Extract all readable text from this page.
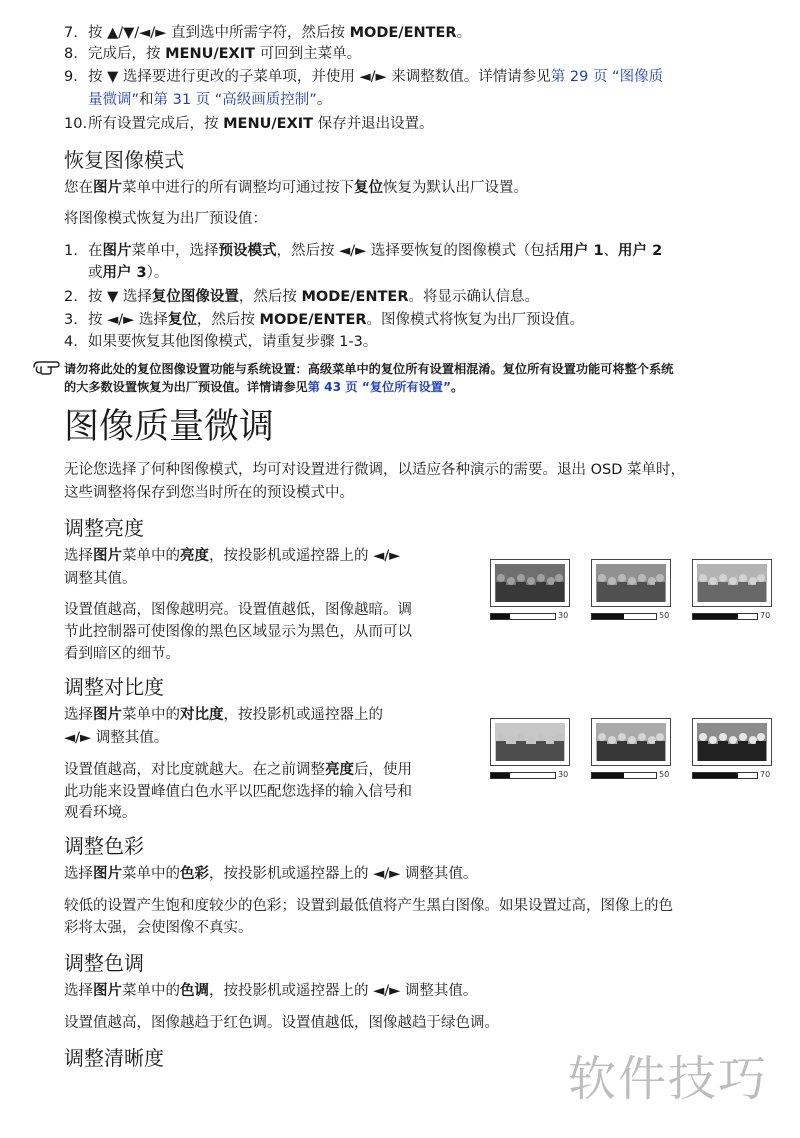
7. 按 ▲/▼/◄/► 直到选中所需字符，然后按 MODE/ENTER。
8. 完成后，按 MENU/EXIT 可回到主菜单。
9. 按 ▼ 选择要进行更改的子菜单项，并使用 ◄/► 来调整数值。详情请参见第 29 页 “图像质
量微调”和第 31 页 “高级画质控制”。
10. 所有设置完成后，按 MENU/EXIT 保存并退出设置。
恢复图像模式
您在图片菜单中进行的所有调整均可通过按下复位恢复为默认出厂设置。
将图像模式恢复为出厂预设值：
1. 在图片菜单中，选择预设模式，然后按 ◄/► 选择要恢复的图像模式（包括用户 1、用户 2
或用户 3）。
2. 按 ▼ 选择复位图像设置，然后按 MODE/ENTER。将显示确认信息。
3. 按 ◄/► 选择复位，然后按 MODE/ENTER。图像模式将恢复为出厂预设值。
4. 如果要恢复其他图像模式，请重复步骤 1-3。
请勿将此处的复位图像设置功能与系统设置：高级菜单中的复位所有设置相混淆。复位所有设置功能可将整个系统
的大多数设置恢复为出厂预设值。详情请参见第 43 页 “复位所有设置”。
图像质量微调
无论您选择了何种图像模式，均可对设置进行微调，以适应各种演示的需要。退出 OSD 菜单时，
这些调整将保存到您当时所在的预设模式中。
调整亮度
选择图片菜单中的亮度，按投影机或遥控器上的 ◄/►
调整其值。
设置值越高，图像越明亮。设置值越低，图像越暗。调
节此控制器可使图像的黑色区域显示为黑色，从而可以
看到暗区的细节。
30	50	70
调整对比度
选择图片菜单中的对比度，按投影机或遥控器上的
◄/► 调整其值。
设置值越高，对比度就越大。在之前调整亮度后，使用
此功能来设置峰值白色水平以匹配您选择的输入信号和
观看环境。
30	50	70
调整色彩
选择图片菜单中的色彩，按投影机或遥控器上的 ◄/► 调整其值。
较低的设置产生饱和度较少的色彩；设置到最低值将产生黑白图像。如果设置过高，图像上的色
彩将太强，会使图像不真实。
调整色调
选择图片菜单中的色调，按投影机或遥控器上的 ◄/► 调整其值。
设置值越高，图像越趋于红色调。设置值越低，图像越趋于绿色调。
调整清晰度	软件技巧
